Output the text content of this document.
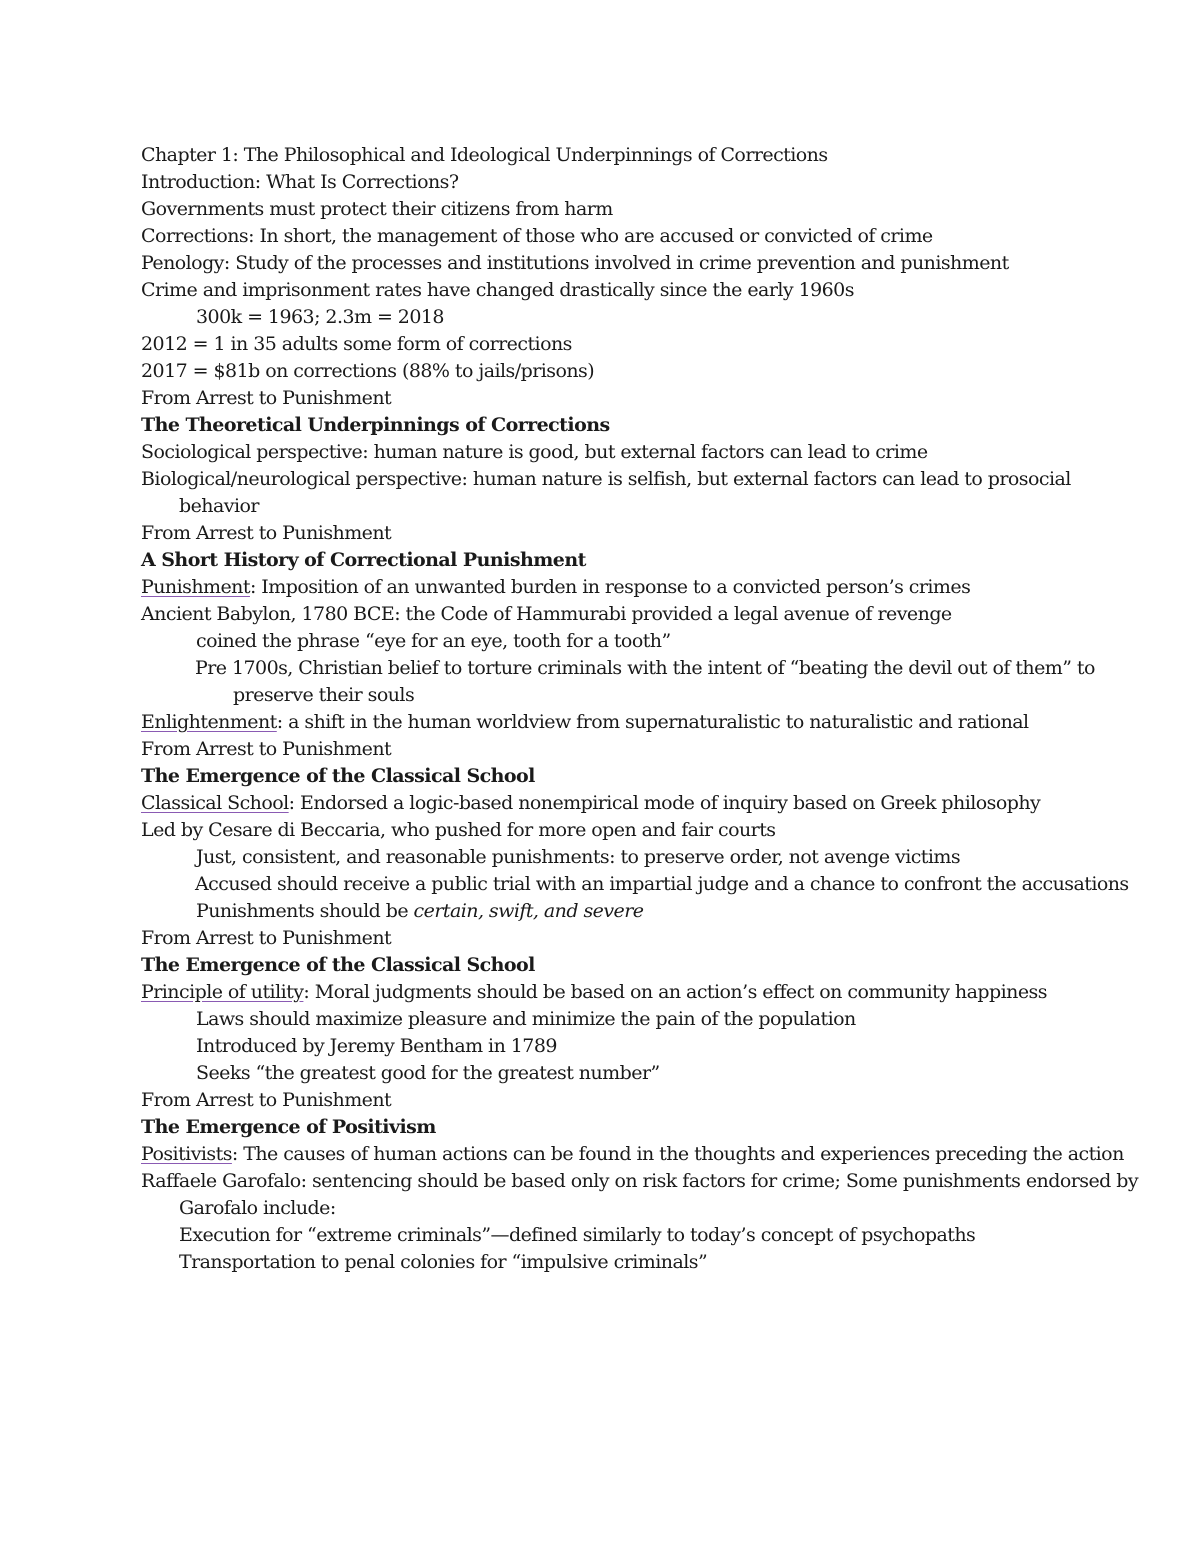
Chapter 1: The Philosophical and Ideological Underpinnings of Corrections

Introduction: What Is Corrections?

Governments must protect their citizens from harm

Corrections: In short, the management of those who are accused or convicted of crime

Penology: Study of the processes and institutions involved in crime prevention and punishment

Crime and imprisonment rates have changed drastically since the early 1960s

300k = 1963; 2.3m = 2018

2012 = 1 in 35 adults some form of corrections

2017 = $81b on corrections (88% to jails/prisons)

From Arrest to Punishment

The Theoretical Underpinnings of Corrections

Sociological perspective: human nature is good, but external factors can lead to crime

Biological/neurological perspective: human nature is selfish, but external factors can lead to prosocial behavior

From Arrest to Punishment

A Short History of Correctional Punishment

Punishment: Imposition of an unwanted burden in response to a convicted person’s crimes

Ancient Babylon, 1780 BCE: the Code of Hammurabi provided a legal avenue of revenge

coined the phrase “eye for an eye, tooth for a tooth”

Pre 1700s, Christian belief to torture criminals with the intent of “beating the devil out of them” to preserve their souls

Enlightenment: a shift in the human worldview from supernaturalistic to naturalistic and rational

From Arrest to Punishment

The Emergence of the Classical School

Classical School: Endorsed a logic-based nonempirical mode of inquiry based on Greek philosophy

Led by Cesare di Beccaria, who pushed for more open and fair courts

Just, consistent, and reasonable punishments: to preserve order, not avenge victims

Accused should receive a public trial with an impartial judge and a chance to confront the accusations

Punishments should be certain, swift, and severe

From Arrest to Punishment

The Emergence of the Classical School

Principle of utility: Moral judgments should be based on an action’s effect on community happiness

Laws should maximize pleasure and minimize the pain of the population

Introduced by Jeremy Bentham in 1789

Seeks “the greatest good for the greatest number”

From Arrest to Punishment

The Emergence of Positivism

Positivists: The causes of human actions can be found in the thoughts and experiences preceding the action

Raffaele Garofalo: sentencing should be based only on risk factors for crime; Some punishments endorsed by Garofalo include:

Execution for “extreme criminals”—defined similarly to today’s concept of psychopaths

Transportation to penal colonies for “impulsive criminals”
